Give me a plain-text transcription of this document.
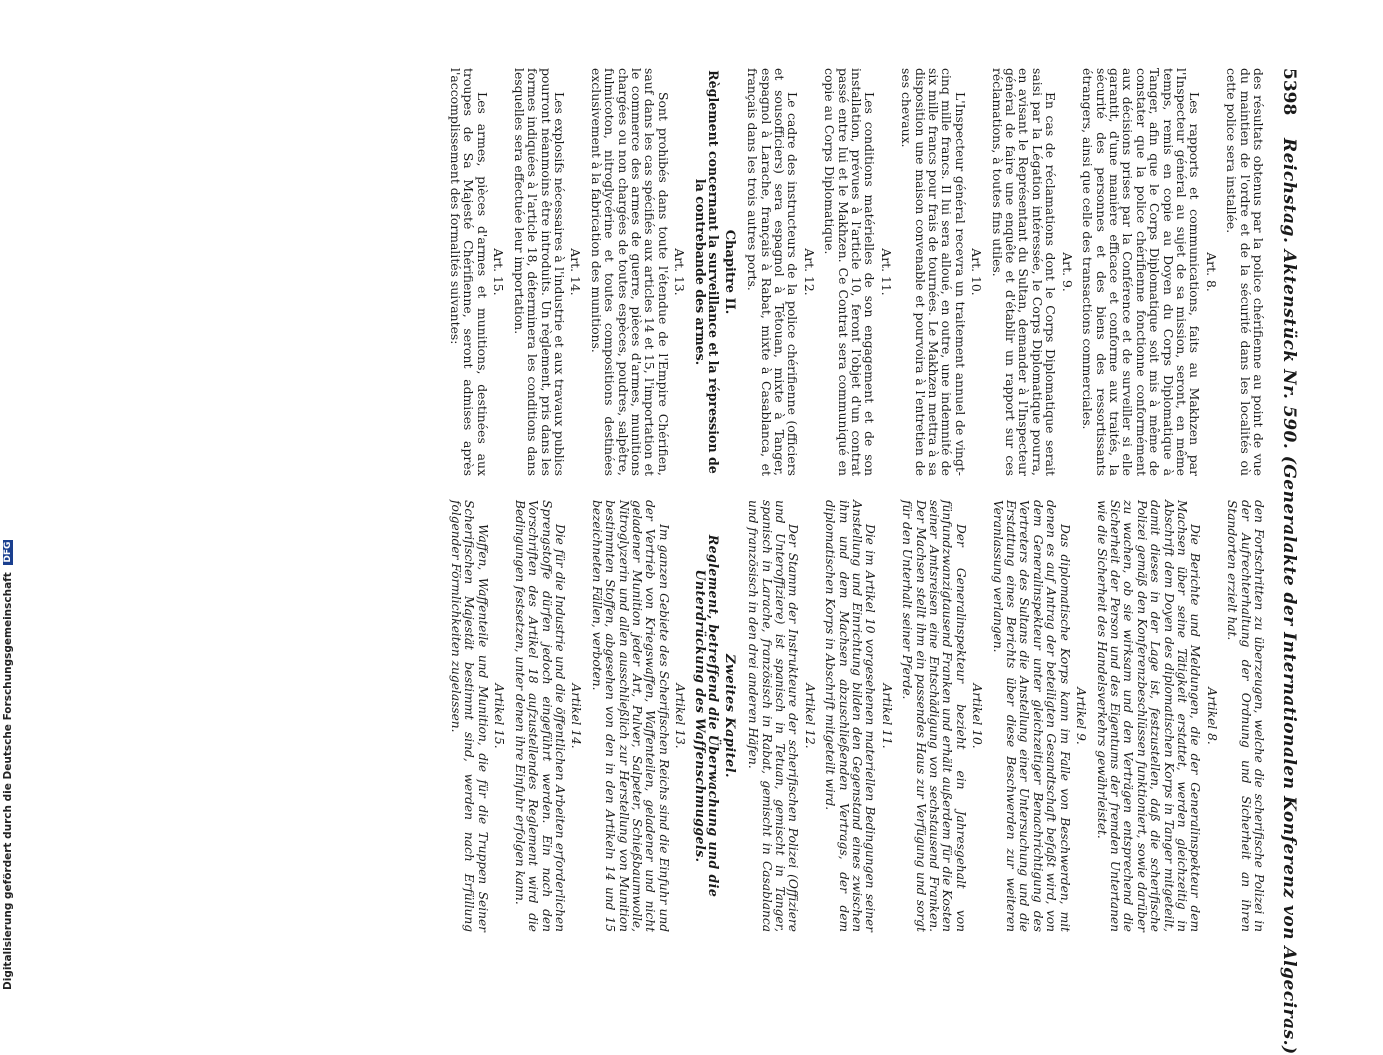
5398
Reichstag. Aktenstück Nr. 590. (Generalakte der Internationalen Konferenz von Algeciras.)

des résultats obtenus par la police chérifienne au point de vue du maintien de l'ordre et de la sécurité dans les localités où cette police sera installée.

Art. 8.

Les rapports et communications, faits au Makhzen par l'Inspecteur général au sujet de sa mission, seront, en même temps, remis en copie au Doyen du Corps Diplomatique à Tanger, afin que le Corps Diplomatique soit mis à même de constater que la police chérifienne fonctionne conformément aux décisions prises par la Conférence et de surveiller si elle garantit, d'une manière efficace et conforme aux traités, la sécurité des personnes et des biens des ressortissants étrangers, ainsi que celle des transactions commerciales.

Art. 9.

En cas de réclamations dont le Corps Diplomatique serait saisi par la Légation intéressée, le Corps Diplomatique pourra, en avisant le Représentant du Sultan, demander à l'Inspecteur général de faire une enquête et d'établir un rapport sur ces réclamations, à toutes fins utiles.

Art. 10.

L'Inspecteur général recevra un traitement annuel de vingt-cinq mille francs. Il lui sera alloué, en outre, une indemnité de six mille francs pour frais de tournées. Le Makhzen mettra à sa disposition une maison convenable et pourvoira à l'entretien de ses chevaux.

Art. 11.

Les conditions matérielles de son engagement et de son installation, prévues à l'article 10, feront l'objet d'un contrat passé entre lui et le Makhzen. Ce Contrat sera communiqué en copie au Corps Diplomatique.

Art. 12.

Le cadre des instructeurs de la police chérifienne (officiers et sousofficiers) sera espagnol à Tétouan, mixte à Tanger, espagnol à Larache, français à Rabat, mixte à Casablanca, et français dans les trois autres ports.

Chapitre II.
Règlement concernant la surveillance et la répression de la contrebande des armes.
Art. 13.

Sont prohibés dans toute l'étendue de l'Empire Chérifien, sauf dans les cas spécifiés aux articles 14 et 15, l'importation et le commerce des armes de guerre, pièces d'armes, munitions chargées ou non chargées de toutes espèces, poudres, salpêtre, fulmicoton, nitroglycérine et toutes compositions destinées exclusivement à la fabrication des munitions.

Art. 14.

Les explosifs nécessaires à l'industrie et aux travaux publics pourront néanmoins être introduits. Un règlement, pris dans les formes indiquées à l'article 18, déterminera les conditions dans lesquelles sera effectuée leur importation.

Art. 15.

Les armes, pièces d'armes et munitions, destinées aux troupes de Sa Majesté Chérifienne, seront admises après l'accomplissement des formalités suivantes:

den Fortschritten zu überzeugen, welche die scherifische Polizei in der Aufrechterhaltung der Ordnung und Sicherheit an ihren Standorten erzielt hat.

Artikel 8.

Die Berichte und Meldungen, die der Generalinspekteur dem Machsen über seine Tätigkeit erstattet, werden gleichzeitig in Abschrift dem Doyen des diplomatischen Korps in Tanger mitgeteilt, damit dieses in der Lage ist, festzustellen, daß die scherifische Polizei gemäß den Konferenzbeschlüssen funktioniert, sowie darüber zu wachen, ob sie wirksam und den Verträgen entsprechend die Sicherheit der Person und des Eigentums der fremden Untertanen wie die Sicherheit des Handelsverkehrs gewährleistet.

Artikel 9.

Das diplomatische Korps kann im Falle von Beschwerden, mit denen es auf Antrag der beteiligten Gesandtschaft befaßt wird, von dem Generalinspekteur unter gleichzeitiger Benachrichtigung des Vertreters des Sultans die Anstellung einer Untersuchung und die Erstattung eines Berichts über diese Beschwerden zur weiteren Veranlassung verlangen.

Artikel 10.

Der Generalinspekteur bezieht ein Jahresgehalt von fünfundzwanzigtausend Franken und erhält außerdem für die Kosten seiner Amtsreisen eine Entschädigung von sechstausend Franken. Der Machsen stellt ihm ein passendes Haus zur Verfügung und sorgt für den Unterhalt seiner Pferde.

Artikel 11.

Die im Artikel 10 vorgesehenen materiellen Bedingungen seiner Anstellung und Einrichtung bilden den Gegenstand eines zwischen ihm und dem Machsen abzuschließenden Vertrags, der dem diplomatischen Korps in Abschrift mitgeteilt wird.

Artikel 12.

Der Stamm der Instrukteure der scherifischen Polizei (Offiziere und Unteroffiziere) ist spanisch in Tetuan, gemischt in Tanger, spanisch in Larache, französisch in Rabat, gemischt in Casablanca und französisch in den drei anderen Häfen.

Zweites Kapitel.
Reglement, betreffend die Überwachung und die Unterdrückung des Waffenschmuggels.
Artikel 13.

Im ganzen Gebiete des Scherifischen Reichs sind die Einfuhr und der Vertrieb von Kriegswaffen, Waffenteilen, geladener und nicht geladener Munition jeder Art, Pulver, Salpeter, Schießbaumwolle, Nitroglyzerin und allen ausschließlich zur Herstellung von Munition bestimmten Stoffen, abgesehen von den in den Artikeln 14 und 15 bezeichneten Fällen, verboten.

Artikel 14.

Die für die Industrie und die öffentlichen Arbeiten erforderlichen Sprengstoffe dürfen jedoch eingeführt werden. Ein nach den Vorschriften des Artikel 18 aufzustellendes Reglement wird die Bedingungen festsetzen, unter denen ihre Einfuhr erfolgen kann.

Artikel 15.

Waffen, Waffenteile und Munition, die für die Truppen Seiner Scherifischen Majestät bestimmt sind, werden nach Erfüllung folgender Förmlichkeiten zugelassen.

Digitalisierung gefördert durch die Deutsche Forschungsgemeinschaft DFG
